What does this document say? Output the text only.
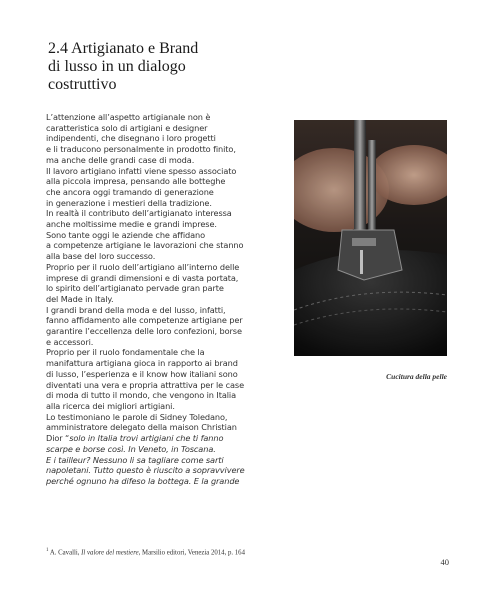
2.4 Artigianato e Brand
di lusso in un dialogo
costruttivo
L’attenzione all’aspetto artigianale non è
caratteristica solo di artigiani e designer
indipendenti, che disegnano i loro progetti
e li traducono personalmente in prodotto finito,
ma anche delle grandi case di moda.
Il lavoro artigiano infatti viene spesso associato
alla piccola impresa, pensando alle botteghe
che ancora oggi tramando di generazione
in generazione i mestieri della tradizione.
In realtà il contributo dell’artigianato interessa
anche moltissime medie e grandi imprese.
Sono tante oggi le aziende che affidano
a competenze artigiane le lavorazioni che stanno
alla base del loro successo.
Proprio per il ruolo dell’artigiano all’interno delle
imprese di grandi dimensioni e di vasta portata,
lo spirito dell’artigianato pervade gran parte
del Made in Italy.
I grandi brand della moda e del lusso, infatti,
fanno affidamento alle competenze artigiane per
garantire l’eccellenza delle loro confezioni, borse
e accessori.
Proprio per il ruolo fondamentale che la
manifattura artigiana gioca in rapporto ai brand
di lusso, l’esperienza e il know how italiani sono
diventati una vera e propria attrattiva per le case
di moda di tutto il mondo, che vengono in Italia
alla ricerca dei migliori artigiani.
Lo testimoniano le parole di Sidney Toledano,
amministratore delegato della maison Christian
Dior “solo in Italia trovi artigiani che ti fanno
scarpe e borse così. In Veneto, in Toscana.
E i tailleur? Nessuno li sa tagliare come sarti
napoletani. Tutto questo è riuscito a sopravvivere
perché ognuno ha difeso la bottega. E la grande

Cucitura della pelle

$^1$ A. Cavalli, Il valore del mestiere, Marsilio editori, Venezia 2014, p. 164

40
